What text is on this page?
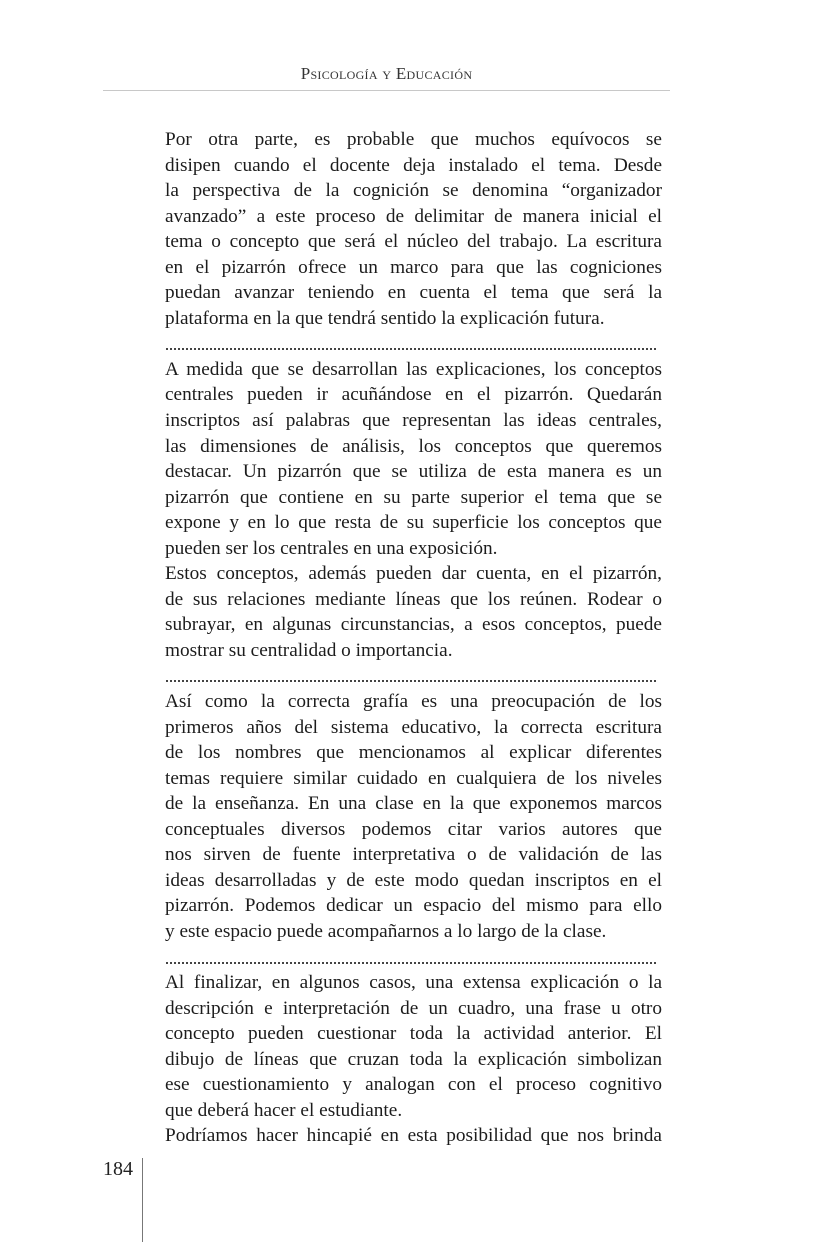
Psicología y Educación
Por otra parte, es probable que muchos equívocos se
disipen cuando el docente deja instalado el tema. Desde
la perspectiva de la cognición se denomina “organizador
avanzado” a este proceso de delimitar de manera inicial el
tema o concepto que será el núcleo del trabajo. La escritura
en el pizarrón ofrece un marco para que las cogniciones
puedan avanzar teniendo en cuenta el tema que será la
plataforma en la que tendrá sentido la explicación futura.
A medida que se desarrollan las explicaciones, los conceptos
centrales pueden ir acuñándose en el pizarrón. Quedarán
inscriptos así palabras que representan las ideas centrales,
las dimensiones de análisis, los conceptos que queremos
destacar. Un pizarrón que se utiliza de esta manera es un
pizarrón que contiene en su parte superior el tema que se
expone y en lo que resta de su superficie los conceptos que
pueden ser los centrales en una exposición.
Estos conceptos, además pueden dar cuenta, en el pizarrón,
de sus relaciones mediante líneas que los reúnen. Rodear o
subrayar, en algunas circunstancias, a esos conceptos, puede
mostrar su centralidad o importancia.
Así como la correcta grafía es una preocupación de los
primeros años del sistema educativo, la correcta escritura
de los nombres que mencionamos al explicar diferentes
temas requiere similar cuidado en cualquiera de los niveles
de la enseñanza. En una clase en la que exponemos marcos
conceptuales diversos podemos citar varios autores que
nos sirven de fuente interpretativa o de validación de las
ideas desarrolladas y de este modo quedan inscriptos en el
pizarrón. Podemos dedicar un espacio del mismo para ello
y este espacio puede acompañarnos a lo largo de la clase.
Al finalizar, en algunos casos, una extensa explicación o la
descripción e interpretación de un cuadro, una frase u otro
concepto pueden cuestionar toda la actividad anterior. El
dibujo de líneas que cruzan toda la explicación simbolizan
ese cuestionamiento y analogan con el proceso cognitivo
que deberá hacer el estudiante.
Podríamos hacer hincapié en esta posibilidad que nos brinda
184
